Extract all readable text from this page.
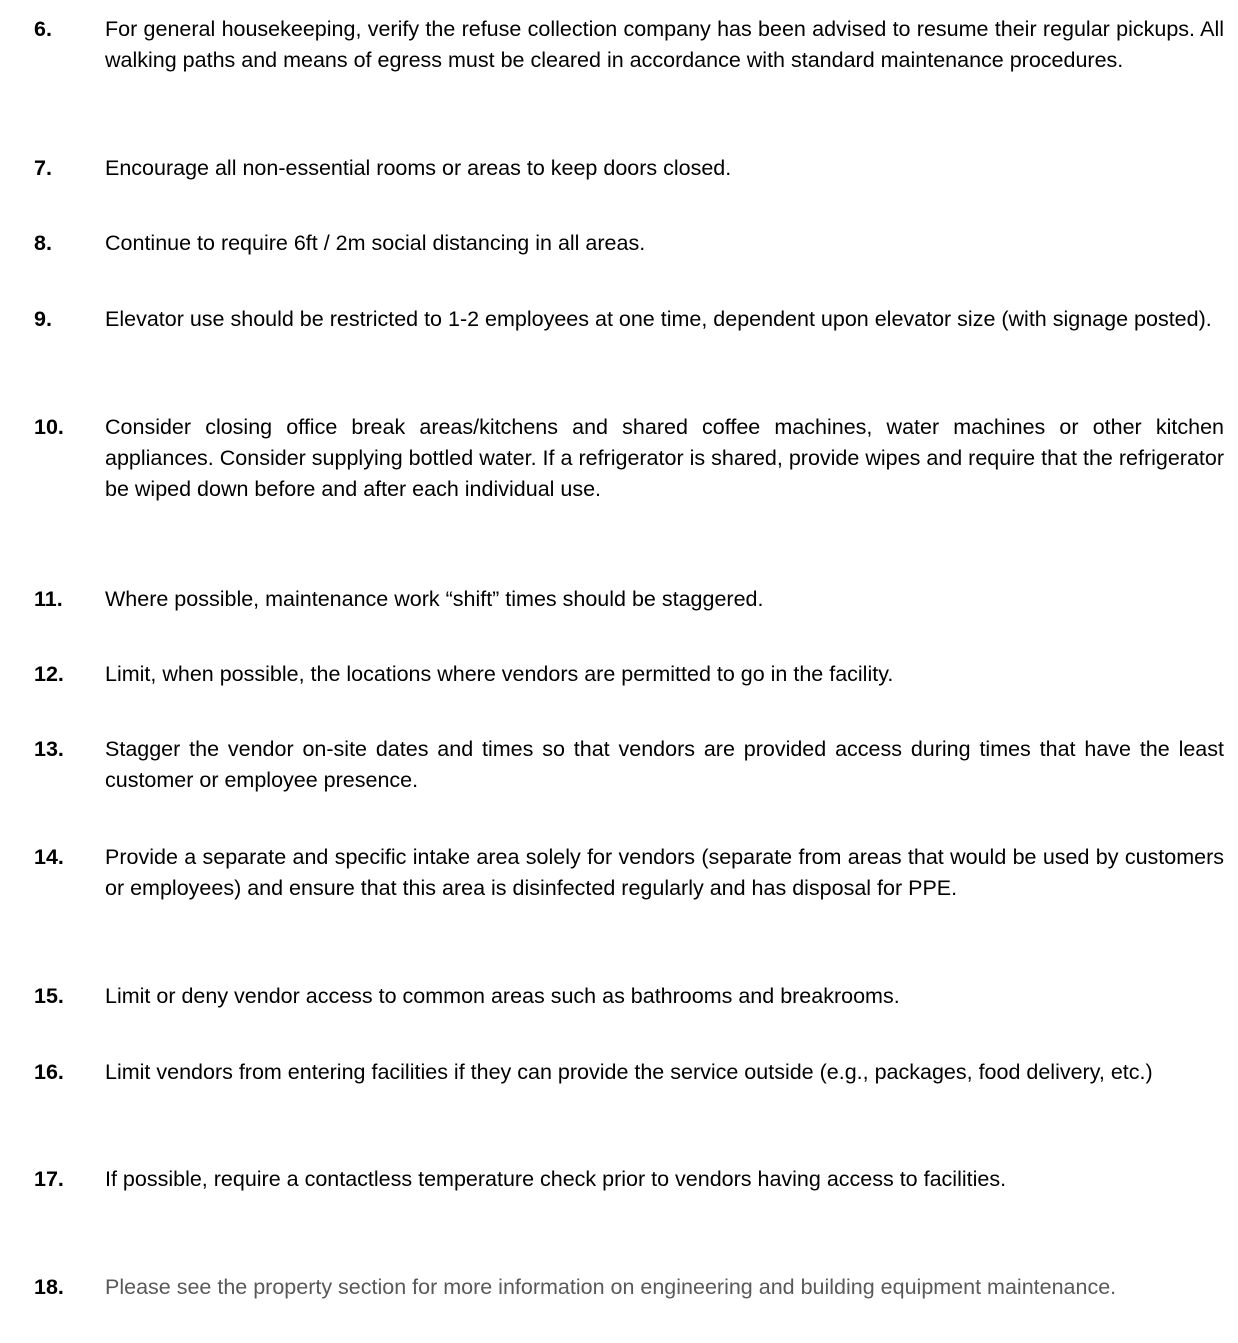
6. For general housekeeping, verify the refuse collection company has been advised to resume their regular pickups. All walking paths and means of egress must be cleared in accordance with standard maintenance procedures.
7. Encourage all non-essential rooms or areas to keep doors closed.
8. Continue to require 6ft / 2m social distancing in all areas.
9. Elevator use should be restricted to 1-2 employees at one time, dependent upon elevator size (with signage posted).
10. Consider closing office break areas/kitchens and shared coffee machines, water machines or other kitchen appliances. Consider supplying bottled water. If a refrigerator is shared, provide wipes and require that the refrigerator be wiped down before and after each individual use.
11. Where possible, maintenance work “shift” times should be staggered.
12. Limit, when possible, the locations where vendors are permitted to go in the facility.
13. Stagger the vendor on-site dates and times so that vendors are provided access during times that have the least customer or employee presence.
14. Provide a separate and specific intake area solely for vendors (separate from areas that would be used by customers or employees) and ensure that this area is disinfected regularly and has disposal for PPE.
15. Limit or deny vendor access to common areas such as bathrooms and breakrooms.
16. Limit vendors from entering facilities if they can provide the service outside (e.g., packages, food delivery, etc.)
17. If possible, require a contactless temperature check prior to vendors having access to facilities.
18. Please see the property section for more information on engineering and building equipment maintenance.
